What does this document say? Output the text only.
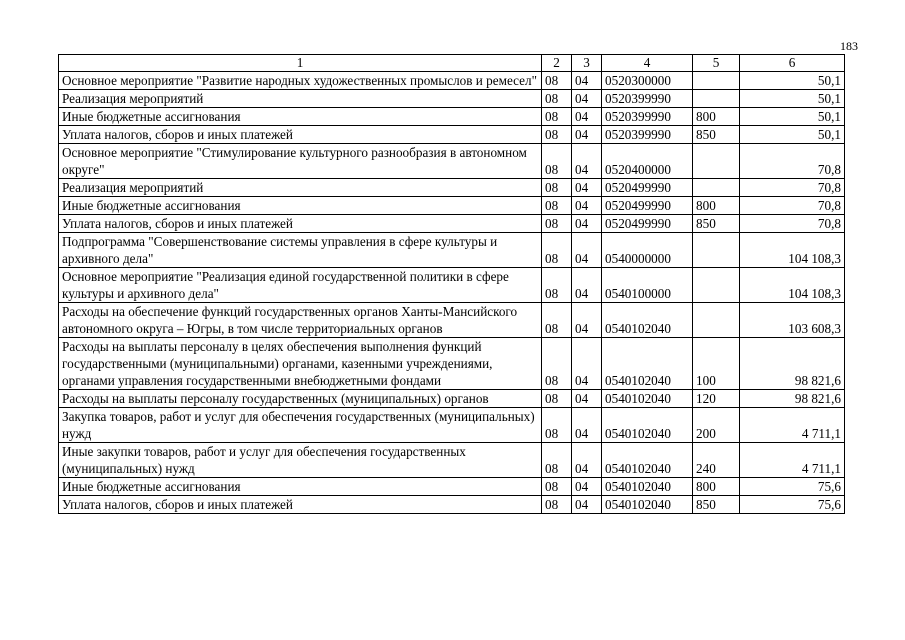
183
1	2	3	4	5	6
Основное мероприятие "Развитие народных художественных промыслов и ремесел"	08	04	0520300000		50,1
Реализация мероприятий	08	04	0520399990		50,1
Иные бюджетные ассигнования	08	04	0520399990	800	50,1
Уплата налогов, сборов и иных платежей	08	04	0520399990	850	50,1
Основное мероприятие "Стимулирование культурного разнообразия в автономном округе"	08	04	0520400000		70,8
Реализация мероприятий	08	04	0520499990		70,8
Иные бюджетные ассигнования	08	04	0520499990	800	70,8
Уплата налогов, сборов и иных платежей	08	04	0520499990	850	70,8
Подпрограмма "Совершенствование системы управления в сфере культуры и архивного дела"	08	04	0540000000		104 108,3
Основное мероприятие "Реализация единой государственной политики в сфере культуры и архивного дела"	08	04	0540100000		104 108,3
Расходы на обеспечение функций государственных органов Ханты-Мансийского автономного округа – Югры, в том числе территориальных органов	08	04	0540102040		103 608,3
Расходы на выплаты персоналу в целях обеспечения выполнения функций государственными (муниципальными) органами, казенными учреждениями, органами управления государственными внебюджетными фондами	08	04	0540102040	100	98 821,6
Расходы на выплаты персоналу государственных (муниципальных) органов	08	04	0540102040	120	98 821,6
Закупка товаров, работ и услуг для обеспечения государственных (муниципальных) нужд	08	04	0540102040	200	4 711,1
Иные закупки товаров, работ и услуг для обеспечения государственных (муниципальных) нужд	08	04	0540102040	240	4 711,1
Иные бюджетные ассигнования	08	04	0540102040	800	75,6
Уплата налогов, сборов и иных платежей	08	04	0540102040	850	75,6
